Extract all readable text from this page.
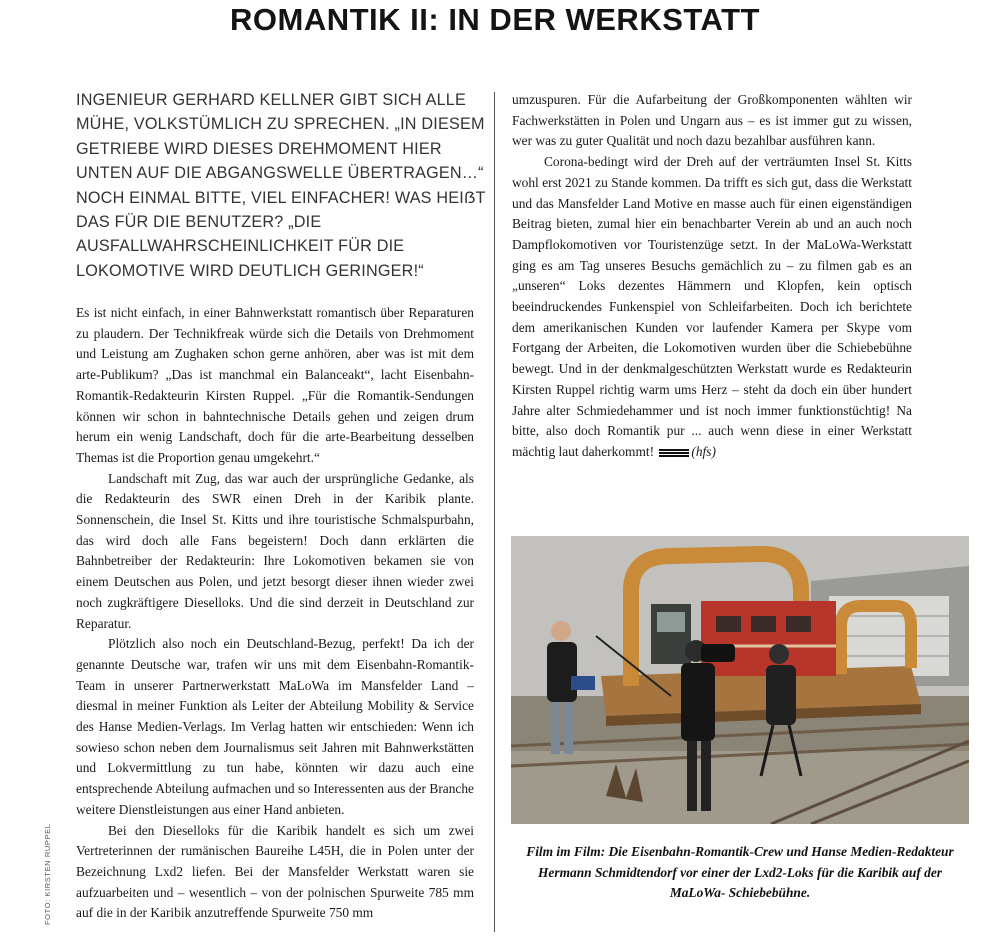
ROMANTIK II: IN DER WERKSTATT

INGENIEUR GERHARD KELLNER GIBT SICH ALLE MÜHE, VOLKSTÜMLICH ZU SPRECHEN. „IN DIESEM GETRIEBE WIRD DIESES DREHMOMENT HIER UNTEN AUF DIE ABGANGSWELLE ÜBERTRAGEN…“ NOCH EINMAL BITTE, VIEL EINFACHER! WAS HEIẞT DAS FÜR DIE BENUTZER? „DIE AUSFALLWAHRSCHEINLICHKEIT FÜR DIE LOKOMOTIVE WIRD DEUTLICH GERINGER!“

Es ist nicht einfach, in einer Bahnwerkstatt romantisch über Reparaturen zu plaudern. Der Technikfreak würde sich die Details von Drehmoment und Leistung am Zughaken schon gerne anhören, aber was ist mit dem arte-Publikum? „Das ist manchmal ein Balanceakt“, lacht Eisenbahn-Romantik-Redakteurin Kirsten Ruppel. „Für die Romantik-Sendungen können wir schon in bahntechnische Details gehen und zeigen drum herum ein wenig Landschaft, doch für die arte-Bearbeitung desselben Themas ist die Proportion genau umgekehrt.“

Landschaft mit Zug, das war auch der ursprüngliche Gedanke, als die Redakteurin des SWR einen Dreh in der Karibik plante. Sonnenschein, die Insel St. Kitts und ihre touristische Schmalspurbahn, das wird doch alle Fans begeistern! Doch dann erklärten die Bahnbetreiber der Redakteurin: Ihre Lokomotiven bekamen sie von einem Deutschen aus Polen, und jetzt besorgt dieser ihnen wieder zwei noch zugkräftigere Dieselloks. Und die sind derzeit in Deutschland zur Reparatur.

Plötzlich also noch ein Deutschland-Bezug, perfekt! Da ich der genannte Deutsche war, trafen wir uns mit dem Eisenbahn-Romantik-Team in unserer Partnerwerkstatt MaLoWa im Mansfelder Land – diesmal in meiner Funktion als Leiter der Abteilung Mobility & Service des Hanse Medien-Verlags. Im Verlag hatten wir entschieden: Wenn ich sowieso schon neben dem Journalismus seit Jahren mit Bahnwerkstätten und Lokvermittlung zu tun habe, könnten wir dazu auch eine entsprechende Abteilung aufmachen und so Interessenten aus der Branche weitere Dienstleistungen aus einer Hand anbieten.

Bei den Dieselloks für die Karibik handelt es sich um zwei Vertreterinnen der rumänischen Baureihe L45H, die in Polen unter der Bezeichnung Lxd2 liefen. Bei der Mansfelder Werkstatt waren sie aufzuarbeiten und – wesentlich – von der polnischen Spurweite 785 mm auf die in der Karibik anzutreffende Spurweite 750 mm

umzuspuren. Für die Aufarbeitung der Großkomponenten wählten wir Fachwerkstätten in Polen und Ungarn aus – es ist immer gut zu wissen, wer was zu guter Qualität und noch dazu bezahlbar ausführen kann.

Corona-bedingt wird der Dreh auf der verträumten Insel St. Kitts wohl erst 2021 zu Stande kommen. Da trifft es sich gut, dass die Werkstatt und das Mansfelder Land Motive en masse auch für einen eigenständigen Beitrag bieten, zumal hier ein benachbarter Verein ab und an auch noch Dampflokomotiven vor Touristenzüge setzt. In der MaLoWa-Werkstatt ging es am Tag unseres Besuchs gemächlich zu – zu filmen gab es an „unseren“ Loks dezentes Hämmern und Klopfen, kein optisch beeindruckendes Funkenspiel von Schleifarbeiten. Doch ich berichtete dem amerikanischen Kunden vor laufender Kamera per Skype vom Fortgang der Arbeiten, die Lokomotiven wurden über die Schiebebühne bewegt. Und in der denkmalgeschützten Werkstatt wurde es Redakteurin Kirsten Ruppel richtig warm ums Herz – steht da doch ein über hundert Jahre alter Schmiedehammer und ist noch immer funktionstüchtig! Na bitte, also doch Romantik pur ... auch wenn diese in einer Werkstatt mächtig laut daherkommt!	(hfs)

FOTO: KIRSTEN RUPPEL	Film im Film: Die Eisenbahn-Romantik-Crew und Hanse Medien-Redakteur Hermann Schmidtendorf vor einer der Lxd2-Loks für die Karibik auf der MaLoWa- Schiebebühne.
